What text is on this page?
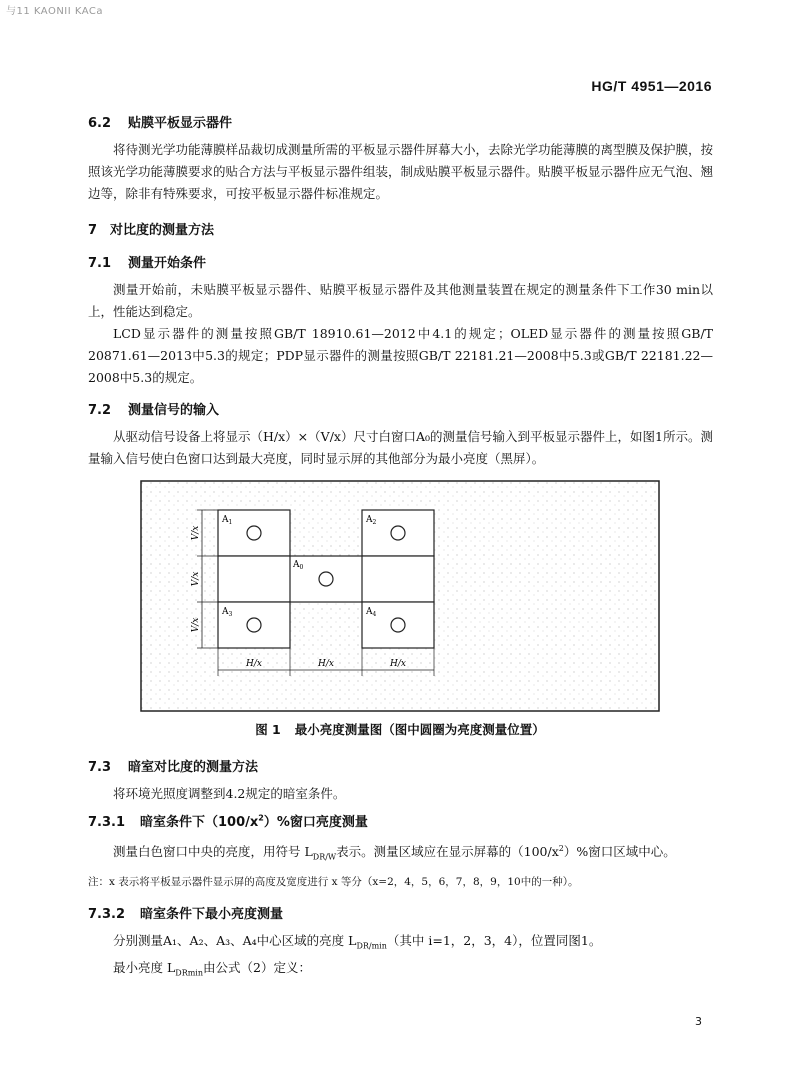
与11 KAONII KACa
HG/T 4951—2016
6.2 贴膜平板显示器件

将待测光学功能薄膜样品裁切成测量所需的平板显示器件屏幕大小，去除光学功能薄膜的离型膜及保护膜，按照该光学功能薄膜要求的贴合方法与平板显示器件组装，制成贴膜平板显示器件。贴膜平板显示器件应无气泡、翘边等，除非有特殊要求，可按平板显示器件标准规定。

7 对比度的测量方法
7.1 测量开始条件

测量开始前，未贴膜平板显示器件、贴膜平板显示器件及其他测量装置在规定的测量条件下工作30 min以上，性能达到稳定。

LCD显示器件的测量按照GB/T 18910.61—2012中4.1的规定；OLED显示器件的测量按照GB/T 20871.61—2013中5.3的规定；PDP显示器件的测量按照GB/T 22181.21—2008中5.3或GB/T 22181.22—2008中5.3的规定。

7.2 测量信号的输入

从驱动信号设备上将显示（H/x）×（V/x）尺寸白窗口A₀的测量信号输入到平板显示器件上，如图1所示。测量输入信号使白色窗口达到最大亮度，同时显示屏的其他部分为最小亮度（黑屏）。

$A_1$	$A_2$
$A_0$
$A_3$	$A_4$
V/x
V/x
V/x
H/x	H/x	H/x
图 1 最小亮度测量图（图中圆圈为亮度测量位置）
7.3 暗室对比度的测量方法

将环境光照度调整到4.2规定的暗室条件。

7.3.1 暗室条件下$(100/x^2)\%$窗口亮度测量

测量白色窗口中央的亮度，用符号 $L_{DR/W}$表示。测量区域应在显示屏幕的$(100/x^2)\%$窗口区域中心。

注：x 表示将平板显示器件显示屏的高度及宽度进行 x 等分（x=2，4，5，6，7，8，9，10中的一种）。

7.3.2 暗室条件下最小亮度测量

分别测量A₁、A₂、A₃、A₄中心区域的亮度 $L_{DR/min}$（其中 i=1，2，3，4），位置同图1。

最小亮度 $L_{DRmin}$由公式（2）定义：

3
